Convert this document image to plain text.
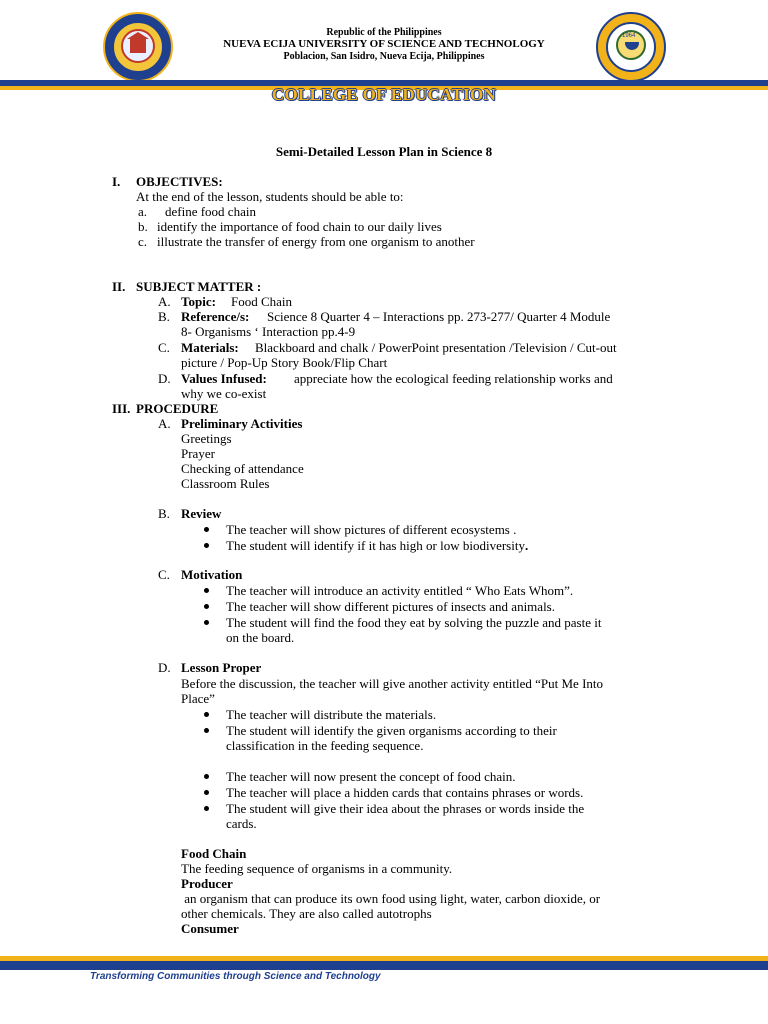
1964
Republic of the Philippines
NUEVA ECIJA UNIVERSITY OF SCIENCE AND TECHNOLOGY
Poblacion, San Isidro, Nueva Ecija, Philippines
COLLEGE OF EDUCATION
Semi-Detailed Lesson Plan in Science 8
I. OBJECTIVES:
At the end of the lesson, students should be able to:
a. define food chain
b. identify the importance of food chain to our daily lives
c. illustrate the transfer of energy from one organism to another
II. SUBJECT MATTER :
A. Topic: Food Chain
B. Reference/s: Science 8 Quarter 4 – Interactions pp. 273-277/ Quarter 4 Module
8- Organisms ‘ Interaction pp.4-9
C. Materials: Blackboard and chalk / PowerPoint presentation /Television / Cut-out
picture / Pop-Up Story Book/Flip Chart
D. Values Infused: appreciate how the ecological feeding relationship works and
why we co-exist
III. PROCEDURE
A. Preliminary Activities
Greetings
Prayer
Checking of attendance
Classroom Rules
B. Review
The teacher will show pictures of different ecosystems .
The student will identify if it has high or low biodiversity.
C. Motivation
The teacher will introduce an activity entitled “ Who Eats Whom”.
The teacher will show different pictures of insects and animals.
The student will find the food they eat by solving the puzzle and paste it
on the board.
D. Lesson Proper
Before the discussion, the teacher will give another activity entitled “Put Me Into
Place”
The teacher will distribute the materials.
The student will identify the given organisms according to their
classification in the feeding sequence.
The teacher will now present the concept of food chain.
The teacher will place a hidden cards that contains phrases or words.
The student will give their idea about the phrases or words inside the
cards.
Food Chain
The feeding sequence of organisms in a community.
Producer
an organism that can produce its own food using light, water, carbon dioxide, or
other chemicals. They are also called autotrophs
Consumer
Transforming Communities through Science and Technology
